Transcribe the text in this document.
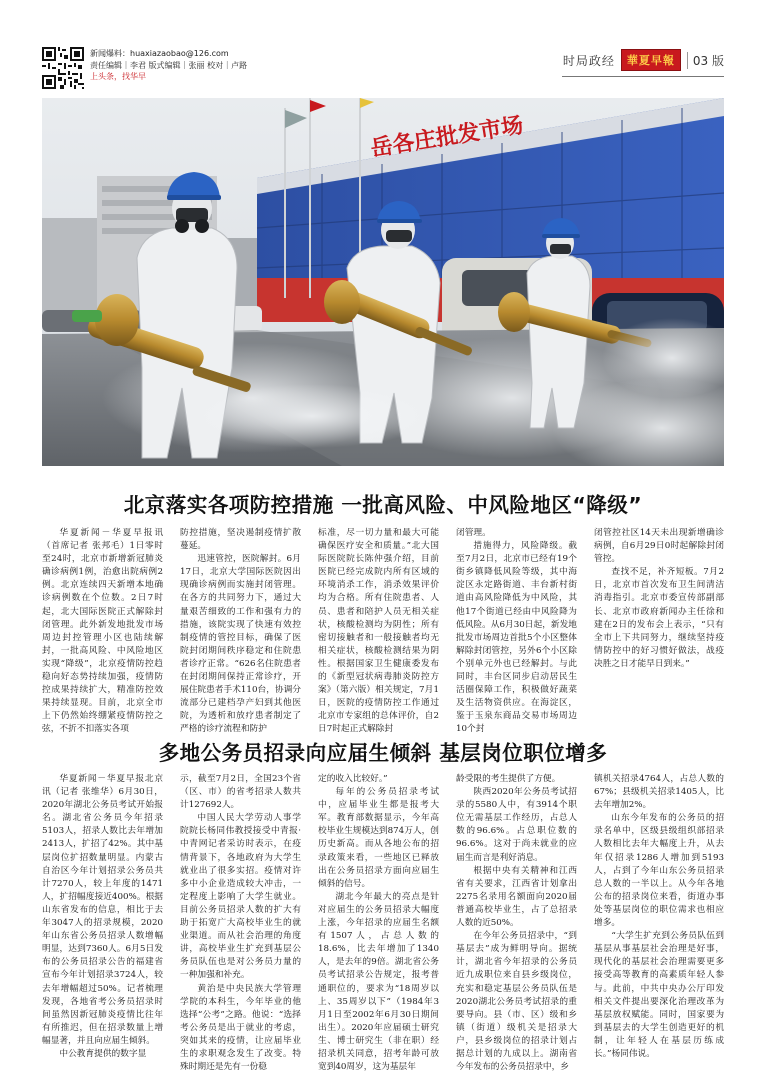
新闻爆料：huaxiazaobao@126.com
责任编辑｜李君 版式编辑｜张丽 校对｜卢路
上头条，找华早
时局政经	華夏早報	03 版
岳各庄批发市场
北京落实各项防控措施 一批高风险、中风险地区“降级”

华夏新闻－华夏早报讯（首席记者 张邦毛）1日零时至24时，北京市新增新冠肺炎确诊病例1例，治愈出院病例2例。北京连续四天新增本地确诊病例数在个位数。2日7时起，北大国际医院正式解除封闭管理。此外新发地批发市场周边封控管理小区也陆续解封，一批高风险、中风险地区实现“降级”，北京疫情防控趋稳向好态势持续加强，疫情防控成果持续扩大，精准防控效果持续显现。目前，北京全市上下仍然始终绷紧疫情防控之弦，不折不扣落实各项

防控措施，坚决遏制疫情扩散蔓延。

迅速管控，医院解封。6月17日，北京大学国际医院因出现确诊病例而实施封闭管理。在各方的共同努力下，通过大量艰苦细致的工作和强有力的措施，该院实现了快速有效控制疫情的管控目标，确保了医院封闭期间秩序稳定和住院患者诊疗正常。“626名住院患者在封闭期间保持正常诊疗，开展住院患者手术110台，协调分流部分已建档孕产妇到其他医院，为透析和放疗患者制定了严格的诊疗流程和防护

标准，尽一切力量和最大可能确保医疗安全和质量。”北大国际医院院长陈仲强介绍，目前医院已经完成院内所有区域的环境消杀工作，消杀效果评价均为合格。所有住院患者、人员、患者和陪护人员无相关症状，核酸检测均为阴性；所有密切接触者和一般接触者均无相关症状，核酸检测结果为阴性。根据国家卫生健康委发布的《新型冠状病毒肺炎防控方案》（第六版）相关规定，7月1日，医院的疫情防控工作通过北京市专家组的总体评价，自2日7时起正式解除封

闭管理。

措施得力，风险降级。截至7月2日，北京市已经有19个街乡镇降低风险等级，其中海淀区永定路街道、丰台新村街道由高风险降低为中风险，其他17个街道已经由中风险降为低风险。从6月30日起，新发地批发市场周边首批5个小区整体解除封闭管控，另外6个小区除个别单元外也已经解封。与此同时，丰台区同步启动居民生活圈保障工作，积极做好蔬菜及生活物资供应。在海淀区，鉴于玉泉东商品交易市场周边10个封

闭管控社区14天未出现新增确诊病例，自6月29日0时起解除封闭管控。

查找不足，补齐短板。7月2日，北京市首次发布卫生间清洁消毒指引。北京市委宣传部副部长、北京市政府新闻办主任徐和建在2日的发布会上表示，“只有全市上下共同努力，继续坚持疫情防控中的好习惯好做法，战疫决胜之日才能早日到来。”

多地公务员招录向应届生倾斜 基层岗位职位增多

华夏新闻－华夏早报北京讯（记者 张维华）6月30日，2020年湖北公务员考试开始报名。湖北省公务员今年招录5103人，招录人数比去年增加2413人，扩招了42%。其中基层岗位扩招数量明显。内蒙古自治区今年计划招录公务员共计7270人，较上年度的1471人，扩招幅度接近400%。根据山东省发布的信息，相比于去年3047人的招录规模，2020年山东省公务员招录人数增幅明显，达到7360人。6月5日发布的公务员招录公告的福建省宣布今年计划招录3724人，较去年增幅超过50%。记者梳理发现，各地省考公务员招录时间虽然因新冠肺炎疫情比往年有所推迟，但在招录数量上增幅显著，并且向应届生倾斜。

中公教育提供的数字显

示，截至7月2日，全国23个省（区、市）的省考招录人数共计127692人。

中国人民大学劳动人事学院院长杨同伟教授接受中青报·中青网记者采访时表示，在疫情背景下，各地政府为大学生就业出了很多实招。疫情对许多中小企业造成较大冲击，一定程度上影响了大学生就业。目前公务员招录人数的扩大有助于拓宽广大高校毕业生的就业渠道。而从社会治理的角度讲，高校毕业生扩充到基层公务员队伍也是对公务员力量的一种加强和补充。

黄治是中央民族大学管理学院的本科生，今年毕业的他选择“公考”之路。他说：“选择考公务员是出于就业的考虑，突如其来的疫情，让应届毕业生的求职观念发生了改变。特殊时期还是先有一份稳

定的收入比较好。”

每年的公务员招录考试中，应届毕业生都是报考大军。教育部数据显示，今年高校毕业生规模达到874万人，创历史新高。而从各地公布的招录政策来看，一些地区已释放出在公务员招录方面向应届生倾斜的信号。

湖北今年最大的亮点是针对应届生的公务员招录大幅度上涨，今年招录的应届生名额有1507人，占总人数的18.6%，比去年增加了1340人，是去年的9倍。湖北省公务员考试招录公告规定，报考普通职位的，要求为“18周岁以上、35周岁以下”（1984年3月1日至2002年6月30日期间出生）。2020年应届硕士研究生、博士研究生（非在职）经招录机关同意，招考年龄可放宽到40周岁，这为基层年

龄受限的考生提供了方便。

陕西2020年公务员考试招录的5580人中，有3914个职位无需基层工作经历，占总人数的96.6%。占总职位数的96.6%。这对于尚未就业的应届生而言是利好消息。

根据中央有关精神和江西省有关要求，江西省计划拿出2275名录用名额面向2020届普通高校毕业生，占了总招录人数的近50%。

在今年公务员招录中，“到基层去”成为鲜明导向。据统计，湖北省今年招录的公务员近九成职位来自县乡级岗位，充实和稳定基层公务员队伍是2020湖北公务员考试招录的重要导向。县（市、区）级和乡镇（街道）级机关是招录大户，县乡级岗位的招录计划占据总计划的九成以上。湖南省今年发布的公务员招录中，乡

镇机关招录4764人，占总人数的67%；县级机关招录1405人，比去年增加2%。

山东今年发布的公务员的招录名单中，区级县级组织部招录人数相比去年大幅度上升，从去年仅招录1286人增加到5193人，占到了今年山东公务员招录总人数的一半以上。从今年各地公布的招录岗位来看，街道办事处等基层岗位的职位需求也相应增多。

“大学生扩充到公务员队伍到基层从事基层社会治理是好事，现代化的基层社会治理需要更多接受高等教育的高素质年轻人参与。此前，中共中央办公厅印发相关文件提出要深化治理改革为基层放权赋能。同时，国家要为到基层去的大学生创造更好的机制，让年轻人在基层历练成长。”杨同伟说。
